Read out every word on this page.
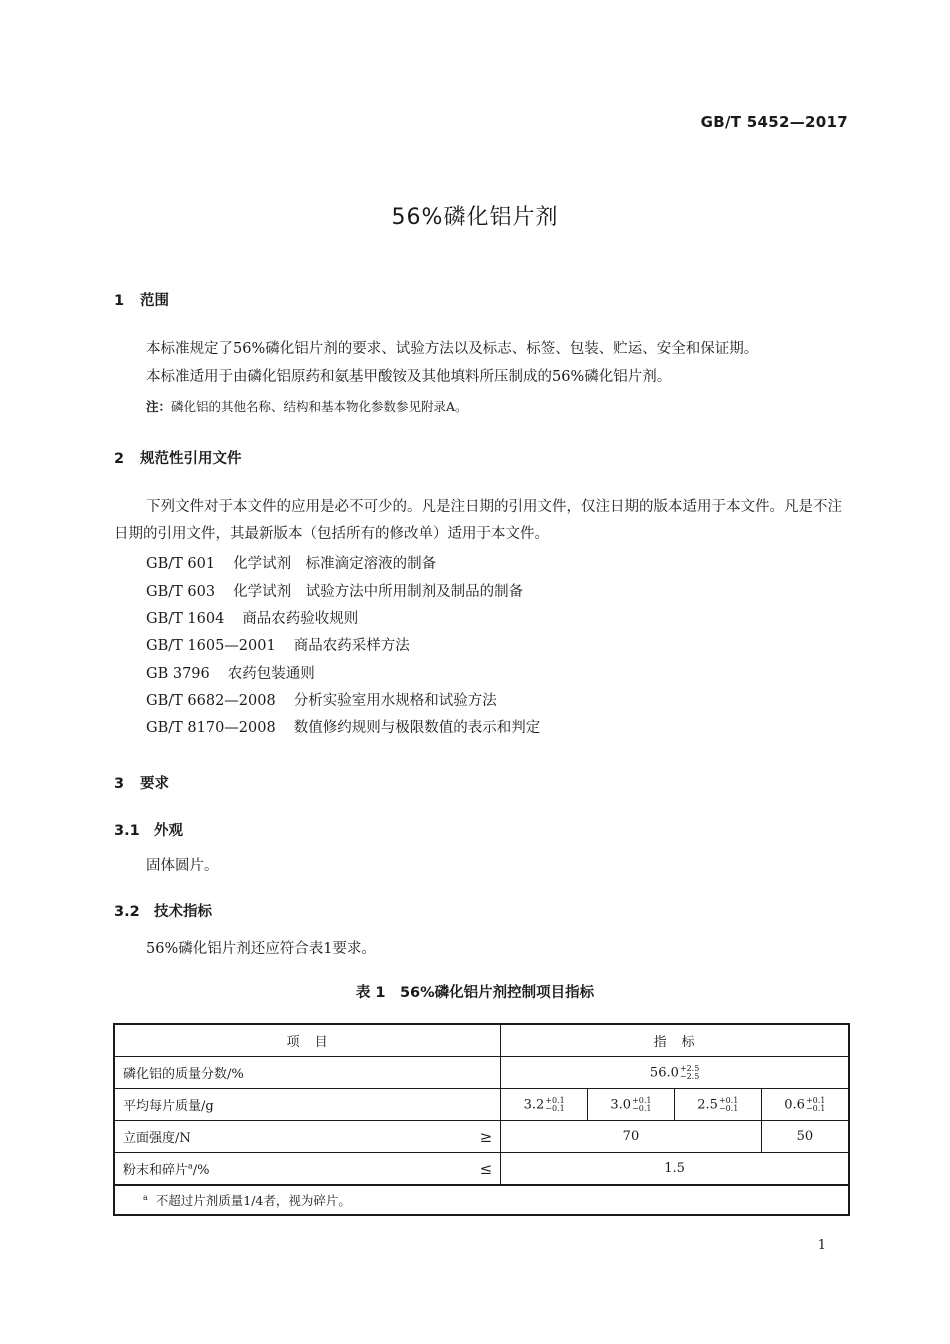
GB/T 5452—2017
56%磷化铝片剂
1 范围
本标准规定了56%磷化铝片剂的要求、试验方法以及标志、标签、包装、贮运、安全和保证期。
本标准适用于由磷化铝原药和氨基甲酸铵及其他填料所压制成的56%磷化铝片剂。
注：磷化铝的其他名称、结构和基本物化参数参见附录A。
2 规范性引用文件
下列文件对于本文件的应用是必不可少的。凡是注日期的引用文件，仅注日期的版本适用于本文件。凡是不注日期的引用文件，其最新版本（包括所有的修改单）适用于本文件。
GB/T 601 化学试剂　标准滴定溶液的制备
GB/T 603 化学试剂　试验方法中所用制剂及制品的制备
GB/T 1604 商品农药验收规则
GB/T 1605—2001 商品农药采样方法
GB 3796 农药包装通则
GB/T 6682—2008 分析实验室用水规格和试验方法
GB/T 8170—2008 数值修约规则与极限数值的表示和判定
3 要求
3.1 外观
固体圆片。
3.2 技术指标
56%磷化铝片剂还应符合表1要求。
表 1　56%磷化铝片剂控制项目指标
项　目	指　标			
磷化铝的质量分数/%	56.0 +2.5
−2.5			

平均每片质量/g	3.2 +0.1
−0.1	3.0 +0.1
−0.1	2.5 +0.1
−0.1	0.6 +0.1
−0.1

立面强度/N ≥	70			50
粉末和碎片$^a$/% ≤	1.5			
$^a$ 不超过片剂质量1/4者，视为碎片。				
1
